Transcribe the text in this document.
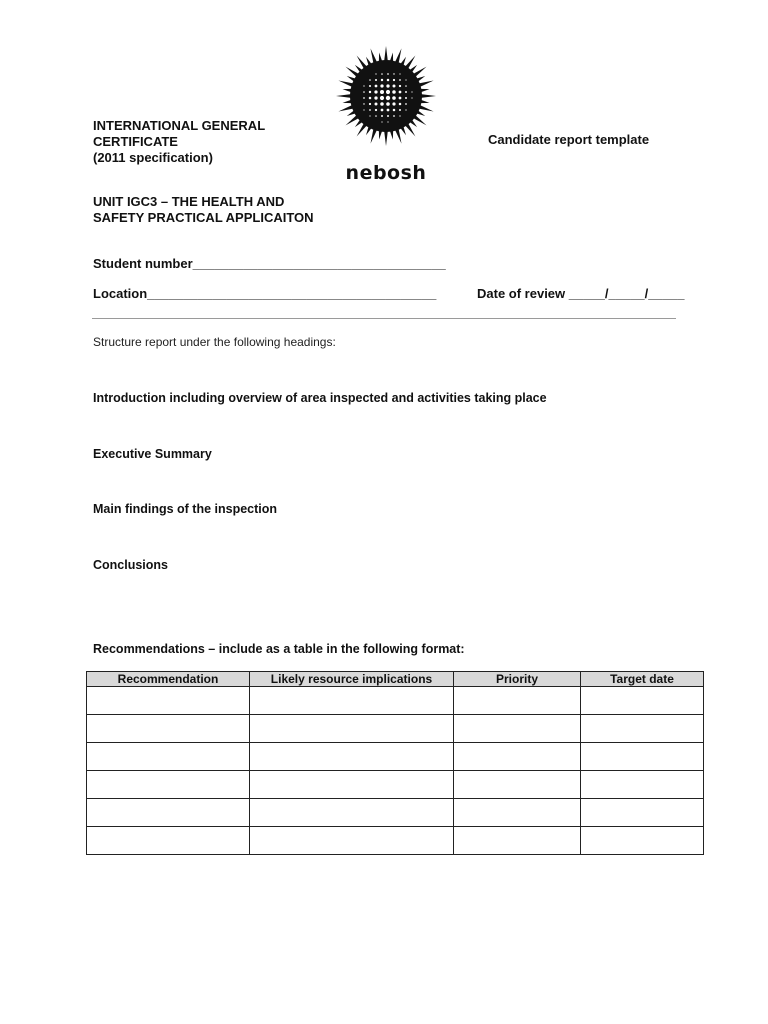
INTERNATIONAL GENERAL
CERTIFICATE
(2011 specification)
nebosh
Candidate report template
UNIT IGC3 – THE HEALTH AND
SAFETY PRACTICAL APPLICAITON
Student number___________________________________
Location________________________________________	Date of review _____/_____/_____
Structure report under the following headings:
Introduction including overview of area inspected and activities taking place
Executive Summary
Main findings of the inspection
Conclusions
Recommendations – include as a table in the following format:
Recommendation	Likely resource implications	Priority	Target date
